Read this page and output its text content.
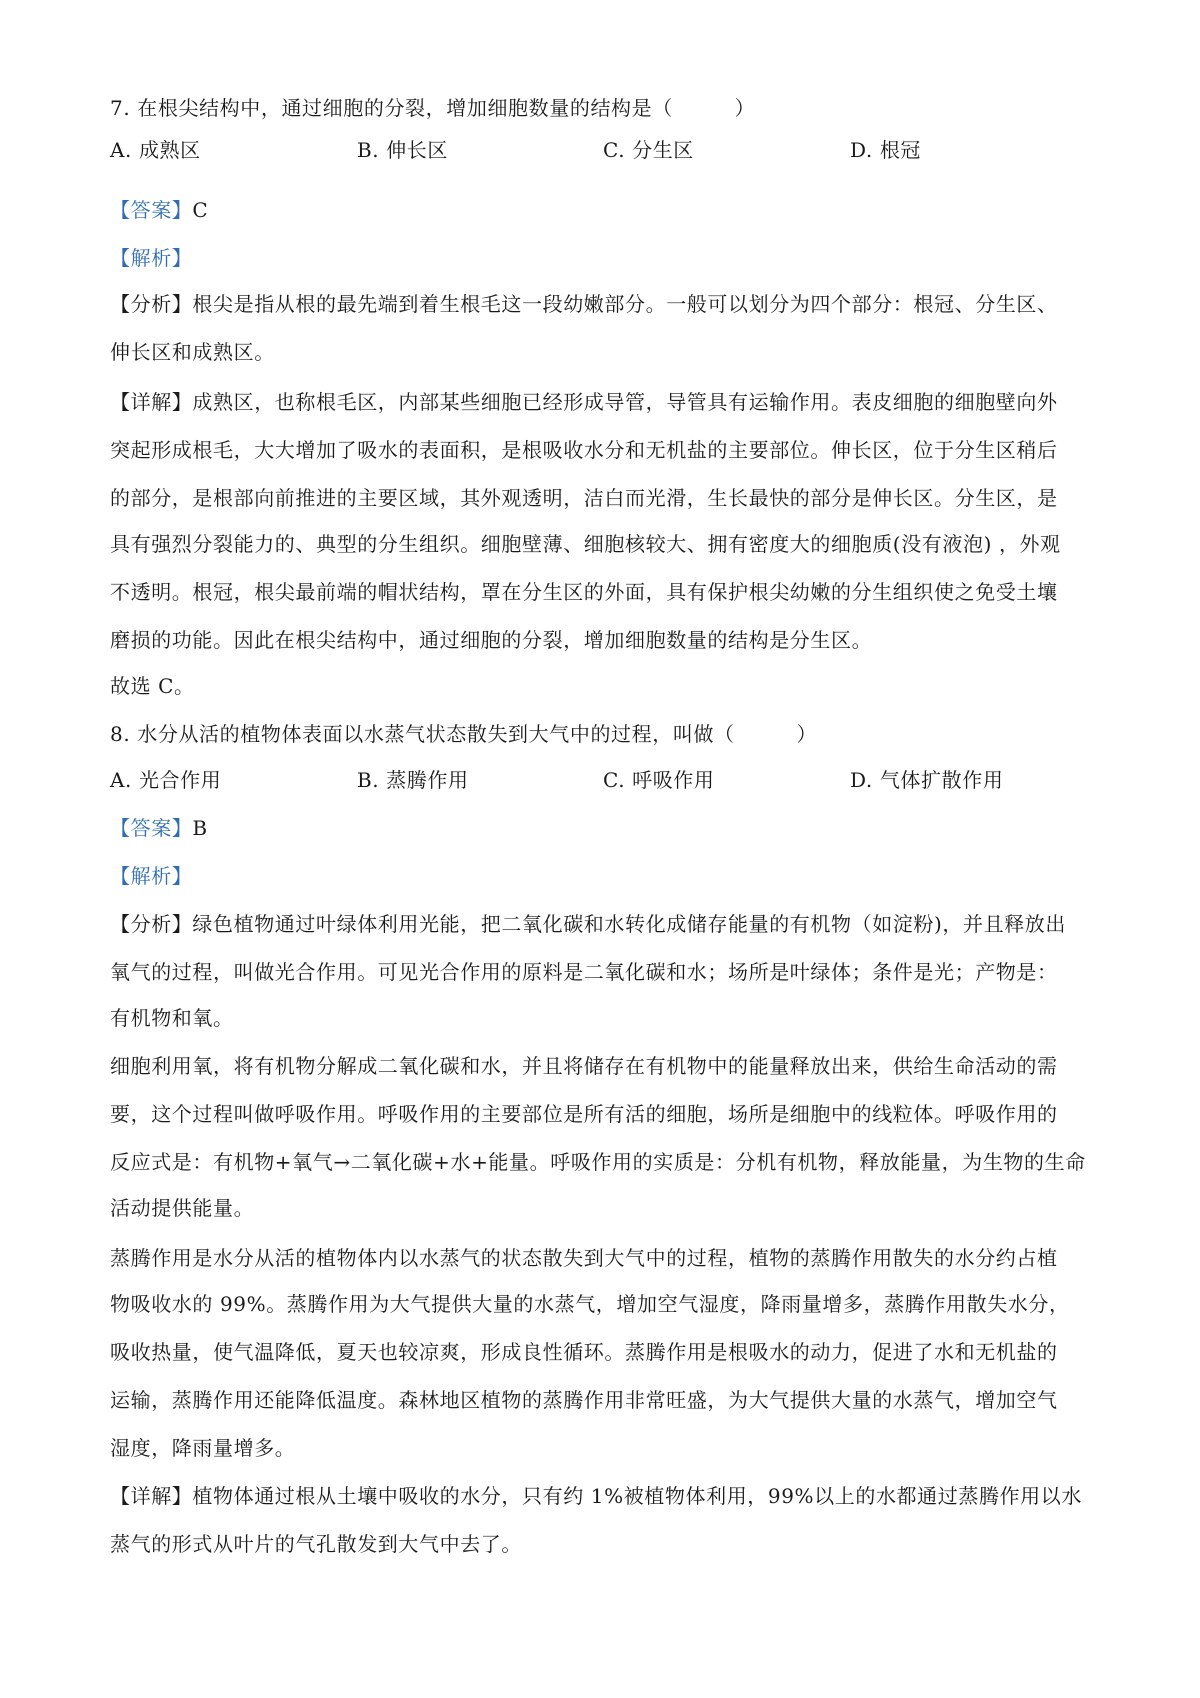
7. 在根尖结构中，通过细胞的分裂，增加细胞数量的结构是（　　　）
A. 成熟区	B. 伸长区	C. 分生区	D. 根冠
【答案】C
【解析】
【分析】根尖是指从根的最先端到着生根毛这一段幼嫩部分。一般可以划分为四个部分：根冠、分生区、
伸长区和成熟区。
【详解】成熟区，也称根毛区，内部某些细胞已经形成导管，导管具有运输作用。表皮细胞的细胞壁向外
突起形成根毛，大大增加了吸水的表面积，是根吸收水分和无机盐的主要部位。伸长区，位于分生区稍后
的部分，是根部向前推进的主要区域，其外观透明，洁白而光滑，生长最快的部分是伸长区。分生区，是
具有强烈分裂能力的、典型的分生组织。细胞壁薄、细胞核较大、拥有密度大的细胞质(没有液泡) ，外观
不透明。根冠，根尖最前端的帽状结构，罩在分生区的外面，具有保护根尖幼嫩的分生组织使之免受土壤
磨损的功能。因此在根尖结构中，通过细胞的分裂，增加细胞数量的结构是分生区。
故选 C。
8. 水分从活的植物体表面以水蒸气状态散失到大气中的过程，叫做（　　　）
A. 光合作用	B. 蒸腾作用	C. 呼吸作用	D. 气体扩散作用
【答案】B
【解析】
【分析】绿色植物通过叶绿体利用光能，把二氧化碳和水转化成储存能量的有机物（如淀粉)，并且释放出
氧气的过程，叫做光合作用。可见光合作用的原料是二氧化碳和水；场所是叶绿体；条件是光；产物是：
有机物和氧。
细胞利用氧，将有机物分解成二氧化碳和水，并且将储存在有机物中的能量释放出来，供给生命活动的需
要，这个过程叫做呼吸作用。呼吸作用的主要部位是所有活的细胞，场所是细胞中的线粒体。呼吸作用的
反应式是：有机物+氧气→二氧化碳+水+能量。呼吸作用的实质是：分机有机物，释放能量，为生物的生命
活动提供能量。
蒸腾作用是水分从活的植物体内以水蒸气的状态散失到大气中的过程，植物的蒸腾作用散失的水分约占植
物吸收水的 99%。蒸腾作用为大气提供大量的水蒸气，增加空气湿度，降雨量增多，蒸腾作用散失水分，
吸收热量，使气温降低，夏天也较凉爽，形成良性循环。蒸腾作用是根吸水的动力，促进了水和无机盐的
运输，蒸腾作用还能降低温度。森林地区植物的蒸腾作用非常旺盛，为大气提供大量的水蒸气，增加空气
湿度，降雨量增多。
【详解】植物体通过根从土壤中吸收的水分，只有约 1%被植物体利用，99%以上的水都通过蒸腾作用以水
蒸气的形式从叶片的气孔散发到大气中去了。
